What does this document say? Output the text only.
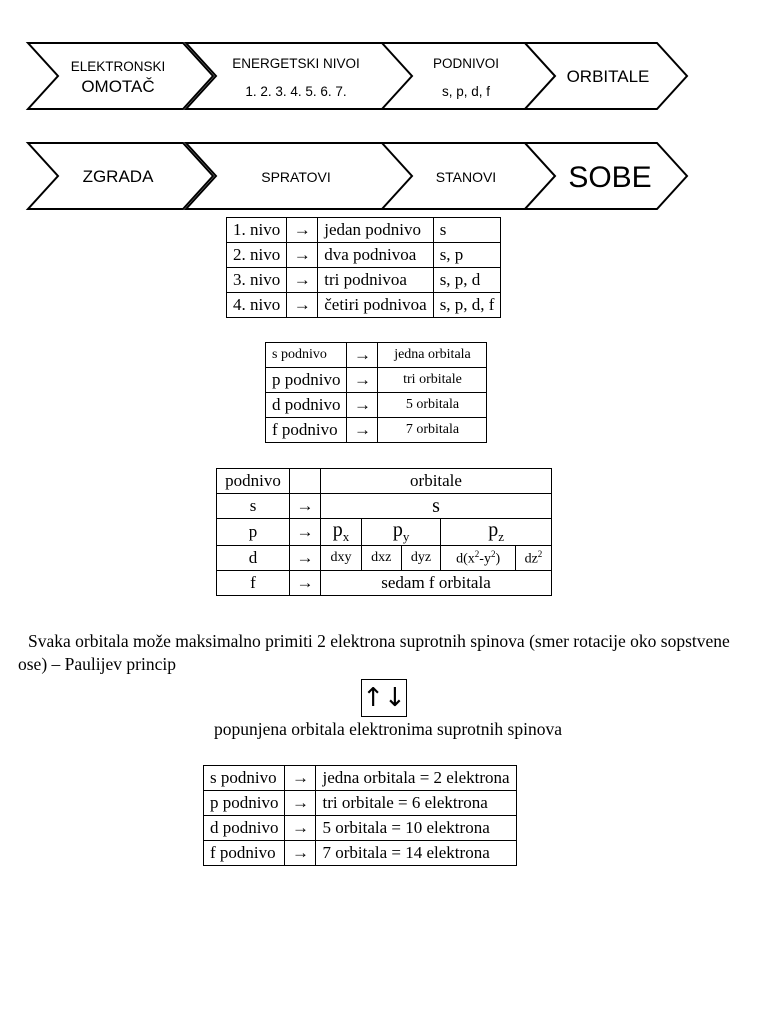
ELEKTRONSKI
OMOTAČ
ENERGETSKI NIVOI
1. 2. 3. 4. 5. 6. 7.
PODNIVOI
s, p, d, f
ORBITALE
ZGRADA	SPRATOVI	STANOVI SOBE
1. nivo	→	jedan podnivo	s
2. nivo	→	dva podnivoa	s, p
3. nivo	→	tri podnivoa	s, p, d
4. nivo	→	četiri podnivoa	s, p, d, f
s podnivo	→	jedna orbitala
p podnivo	→	tri orbitale
d podnivo	→	5 orbitala
f podnivo	→	7 orbitala
podnivo		orbitale				
s	→	s				
p	→	$p_x$	$p_y$		$p_z$
d	→	dxy	dxz	dyz	$d(x^2-y^2)$	$dz^2$
f	→	sedam f orbitala				
Svaka orbitala može maksimalno primiti 2 elektrona suprotnih spinova (smer rotacije oko sopstvene ose) – Paulijev princip
↑↓
popunjena orbitala elektronima suprotnih spinova
s podnivo	→	jedna orbitala = 2 elektrona
p podnivo	→	tri orbitale = 6 elektrona
d podnivo	→	5 orbitala = 10 elektrona
f podnivo	→	7 orbitala = 14 elektrona
